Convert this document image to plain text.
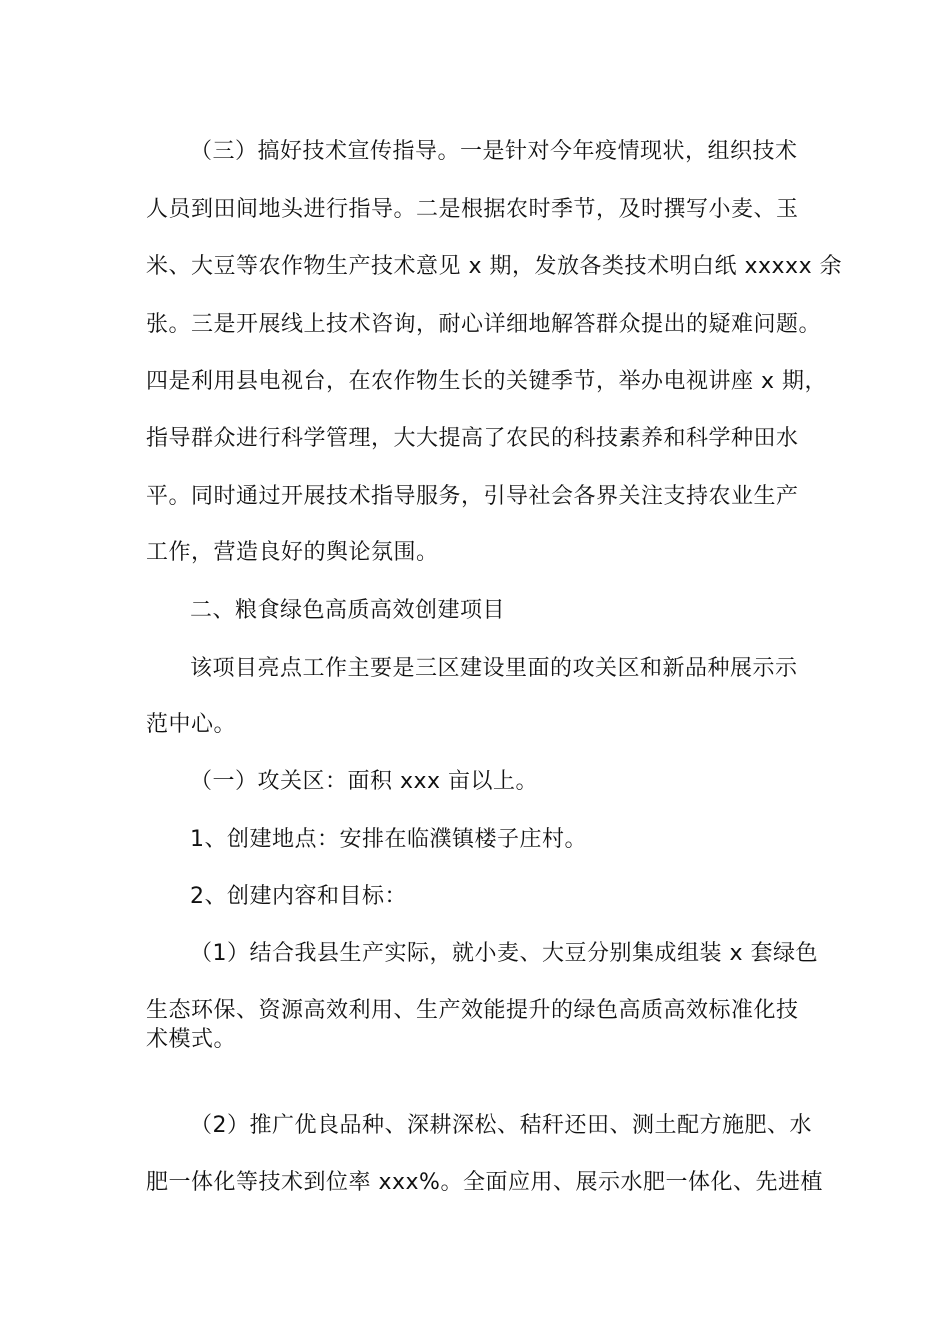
（三）搞好技术宣传指导。一是针对今年疫情现状，组织技术
人员到田间地头进行指导。二是根据农时季节，及时撰写小麦、玉
米、大豆等农作物生产技术意见 x 期，发放各类技术明白纸 xxxxx 余
张。三是开展线上技术咨询，耐心详细地解答群众提出的疑难问题。
四是利用县电视台，在农作物生长的关键季节，举办电视讲座 x 期，
指导群众进行科学管理，大大提高了农民的科技素养和科学种田水
平。同时通过开展技术指导服务，引导社会各界关注支持农业生产
工作，营造良好的舆论氛围。
二、粮食绿色高质高效创建项目
该项目亮点工作主要是三区建设里面的攻关区和新品种展示示
范中心。
（一）攻关区：面积 xxx 亩以上。
1、创建地点：安排在临濮镇楼子庄村。
2、创建内容和目标：
（1）结合我县生产实际，就小麦、大豆分别集成组装 x 套绿色
生态环保、资源高效利用、生产效能提升的绿色高质高效标准化技
术模式。
（2）推广优良品种、深耕深松、秸秆还田、测土配方施肥、水
肥一体化等技术到位率 xxx%。全面应用、展示水肥一体化、先进植
